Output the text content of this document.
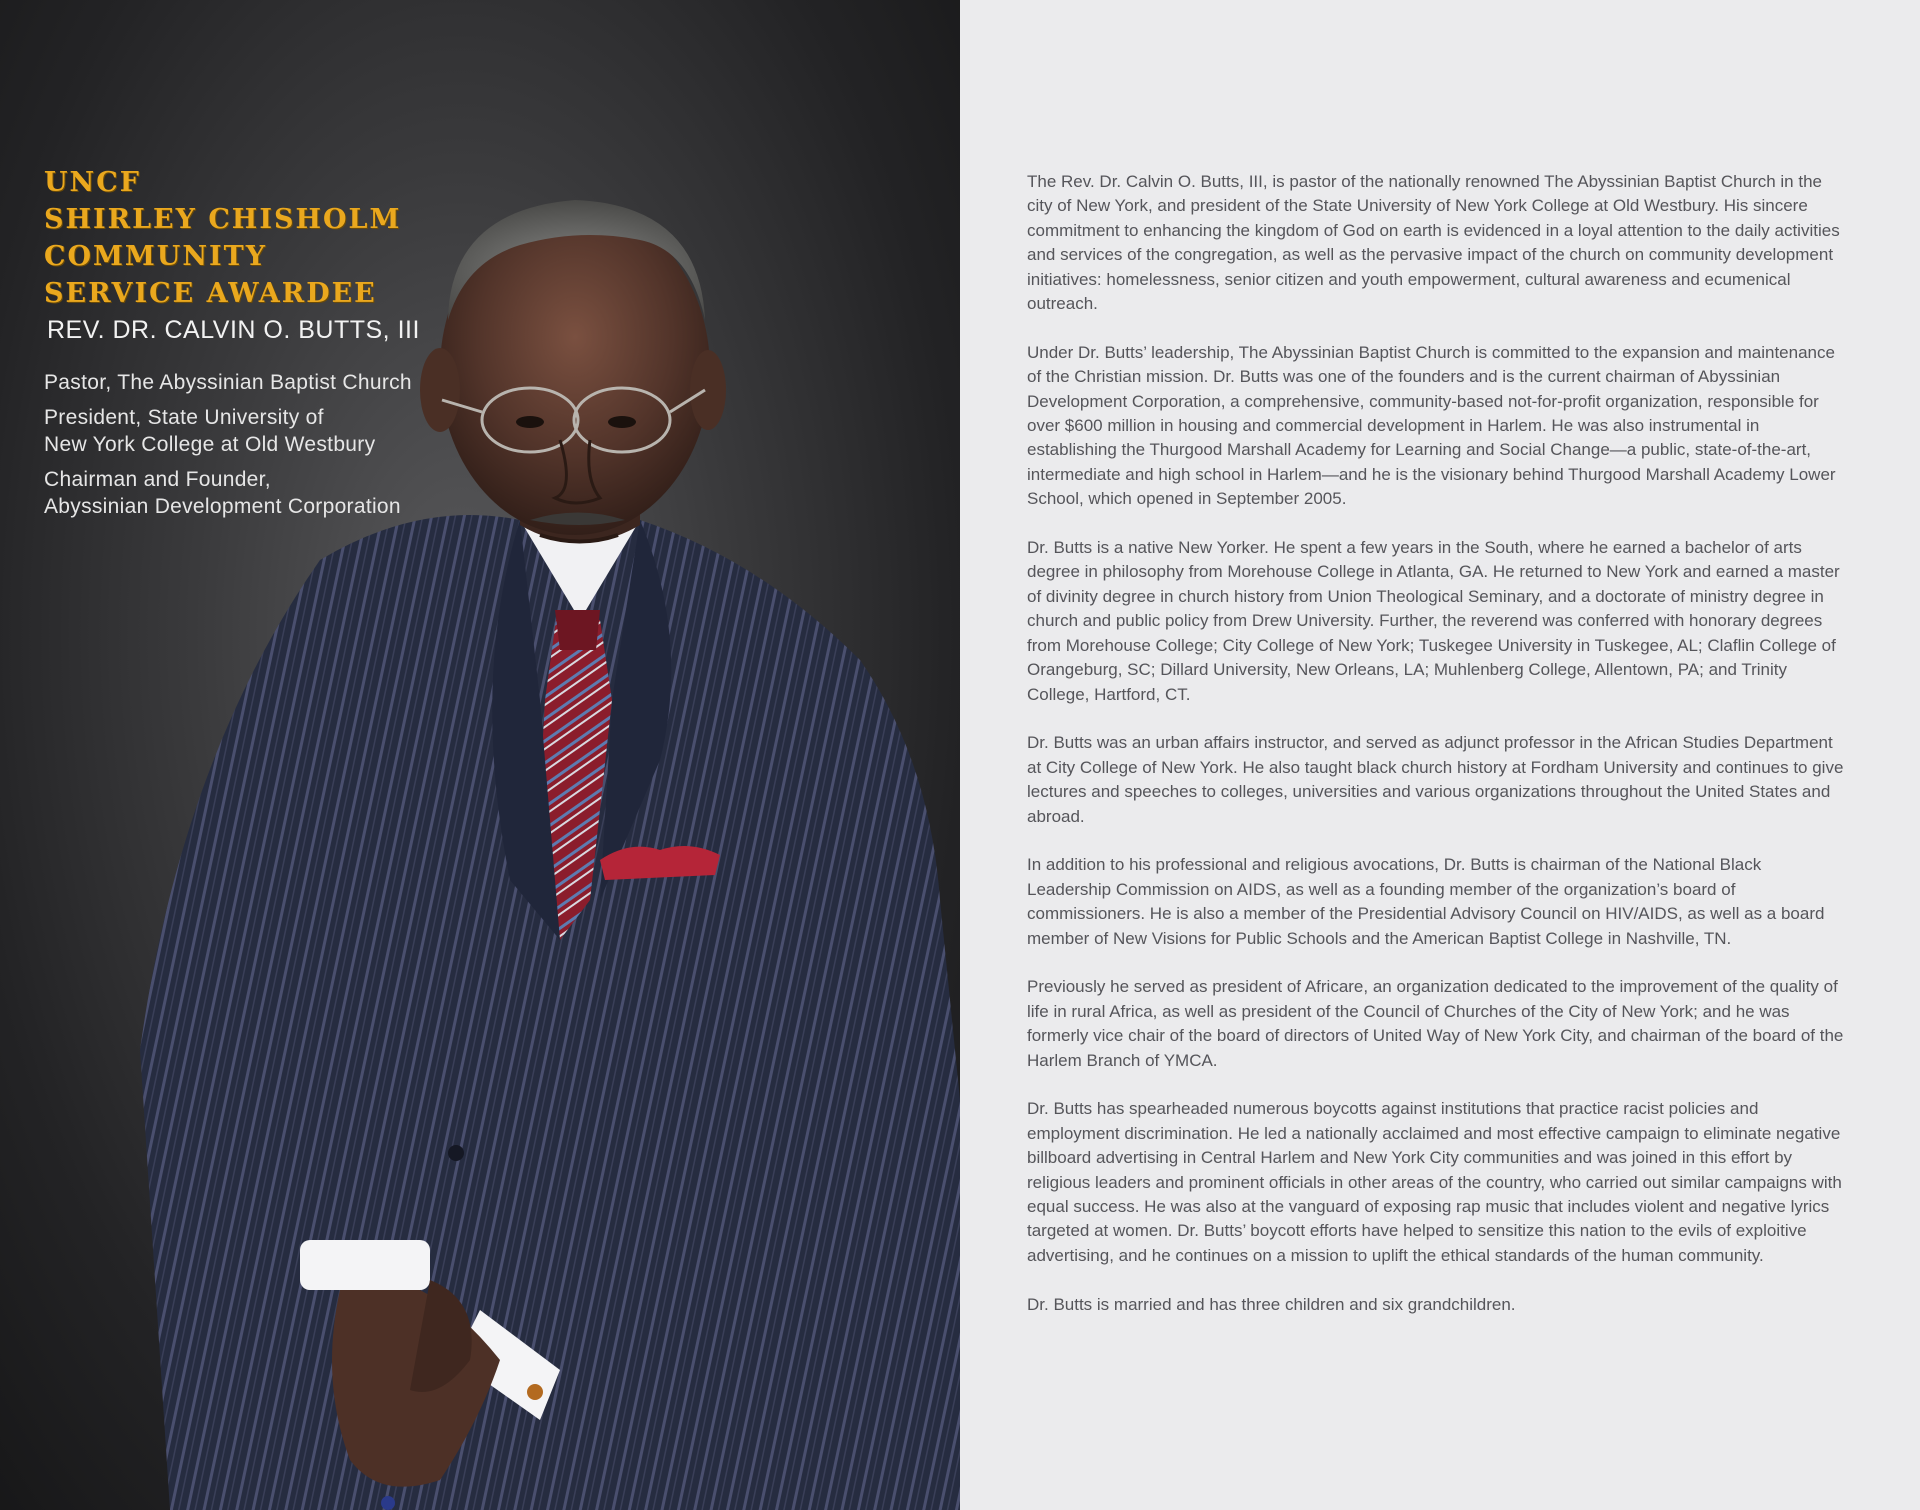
UNCF
SHIRLEY CHISHOLM
COMMUNITY
SERVICE AWARDEE
REV. DR. CALVIN O. BUTTS, III
Pastor, The Abyssinian Baptist Church
President, State University of
New York College at Old Westbury
Chairman and Founder,
Abyssinian Development Corporation

The Rev. Dr. Calvin O. Butts, III, is pastor of the nationally renowned The Abyssinian Baptist Church in the city of New York, and president of the State University of New York College at Old Westbury. His sincere commitment to enhancing the kingdom of God on earth is evidenced in a loyal attention to the daily activities and services of the congregation, as well as the pervasive impact of the church on community development initiatives: homelessness, senior citizen and youth empowerment, cultural awareness and ecumenical outreach.

Under Dr. Butts’ leadership, The Abyssinian Baptist Church is committed to the expansion and maintenance of the Christian mission. Dr. Butts was one of the founders and is the current chairman of Abyssinian Development Corporation, a comprehensive, community-based not-for-profit organization, responsible for over $600 million in housing and commercial development in Harlem. He was also instrumental in establishing the Thurgood Marshall Academy for Learning and Social Change—a public, state-of-the-art, intermediate and high school in Harlem—and he is the visionary behind Thurgood Marshall Academy Lower School, which opened in September 2005.

Dr. Butts is a native New Yorker. He spent a few years in the South, where he earned a bachelor of arts degree in philosophy from Morehouse College in Atlanta, GA. He returned to New York and earned a master of divinity degree in church history from Union Theological Seminary, and a doctorate of ministry degree in church and public policy from Drew University. Further, the reverend was conferred with honorary degrees from Morehouse College; City College of New York; Tuskegee University in Tuskegee, AL; Claflin College of Orangeburg, SC; Dillard University, New Orleans, LA; Muhlenberg College, Allentown, PA; and Trinity College, Hartford, CT.

Dr. Butts was an urban affairs instructor, and served as adjunct professor in the African Studies Department at City College of New York. He also taught black church history at Fordham University and continues to give lectures and speeches to colleges, universities and various organizations throughout the United States and abroad.

In addition to his professional and religious avocations, Dr. Butts is chairman of the National Black Leadership Commission on AIDS, as well as a founding member of the organization’s board of commissioners. He is also a member of the Presidential Advisory Council on HIV/AIDS, as well as a board member of New Visions for Public Schools and the American Baptist College in Nashville, TN.

Previously he served as president of Africare, an organization dedicated to the improvement of the quality of life in rural Africa, as well as president of the Council of Churches of the City of New York; and he was formerly vice chair of the board of directors of United Way of New York City, and chairman of the board of the Harlem Branch of YMCA.

Dr. Butts has spearheaded numerous boycotts against institutions that practice racist policies and employment discrimination. He led a nationally acclaimed and most effective campaign to eliminate negative billboard advertising in Central Harlem and New York City communities and was joined in this effort by religious leaders and prominent officials in other areas of the country, who carried out similar campaigns with equal success. He was also at the vanguard of exposing rap music that includes violent and negative lyrics targeted at women. Dr. Butts’ boycott efforts have helped to sensitize this nation to the evils of exploitive advertising, and he continues on a mission to uplift the ethical standards of the human community.

Dr. Butts is married and has three children and six grandchildren.
